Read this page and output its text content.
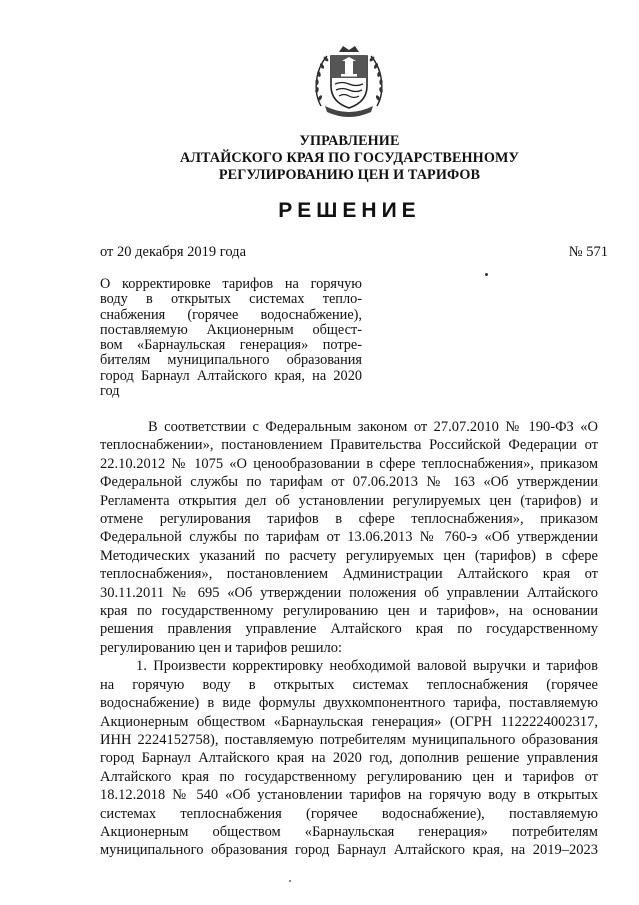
УПРАВЛЕНИЕ
АЛТАЙСКОГО КРАЯ ПО ГОСУДАРСТВЕННОМУ
РЕГУЛИРОВАНИЮ ЦЕН И ТАРИФОВ
РЕШЕНИЕ
от 20 декабря 2019 года	№ 571
О корректировке тарифов на горячую
воду в открытых системах тепло-
снабжения (горячее водоснабжение),
поставляемую Акционерным общест-
вом «Барнаульская генерация» потре-
бителям муниципального образования
город Барнаул Алтайского края, на 2020
год
В соответствии с Федеральным законом от 27.07.2010 № 190-ФЗ «О
теплоснабжении», постановлением Правительства Российской Федерации от
22.10.2012 № 1075 «О ценообразовании в сфере теплоснабжения», приказом
Федеральной службы по тарифам от 07.06.2013 № 163 «Об утверждении
Регламента открытия дел об установлении регулируемых цен (тарифов) и
отмене регулирования тарифов в сфере теплоснабжения», приказом
Федеральной службы по тарифам от 13.06.2013 № 760-э «Об утверждении
Методических указаний по расчету регулируемых цен (тарифов) в сфере
теплоснабжения», постановлением Администрации Алтайского края от
30.11.2011 № 695 «Об утверждении положения об управлении Алтайского
края по государственному регулированию цен и тарифов», на основании
решения правления управление Алтайского края по государственному
регулированию цен и тарифов решило:
1. Произвести корректировку необходимой валовой выручки и тарифов
на горячую воду в открытых системах теплоснабжения (горячее
водоснабжение) в виде формулы двухкомпонентного тарифа, поставляемую
Акционерным обществом «Барнаульская генерация» (ОГРН 1122224002317,
ИНН 2224152758), поставляемую потребителям муниципального образования
город Барнаул Алтайского края на 2020 год, дополнив решение управления
Алтайского края по государственному регулированию цен и тарифов от
18.12.2018 № 540 «Об установлении тарифов на горячую воду в открытых
системах теплоснабжения (горячее водоснабжение), поставляемую
Акционерным обществом «Барнаульская генерация» потребителям
муниципального образования город Барнаул Алтайского края, на 2019–2023
